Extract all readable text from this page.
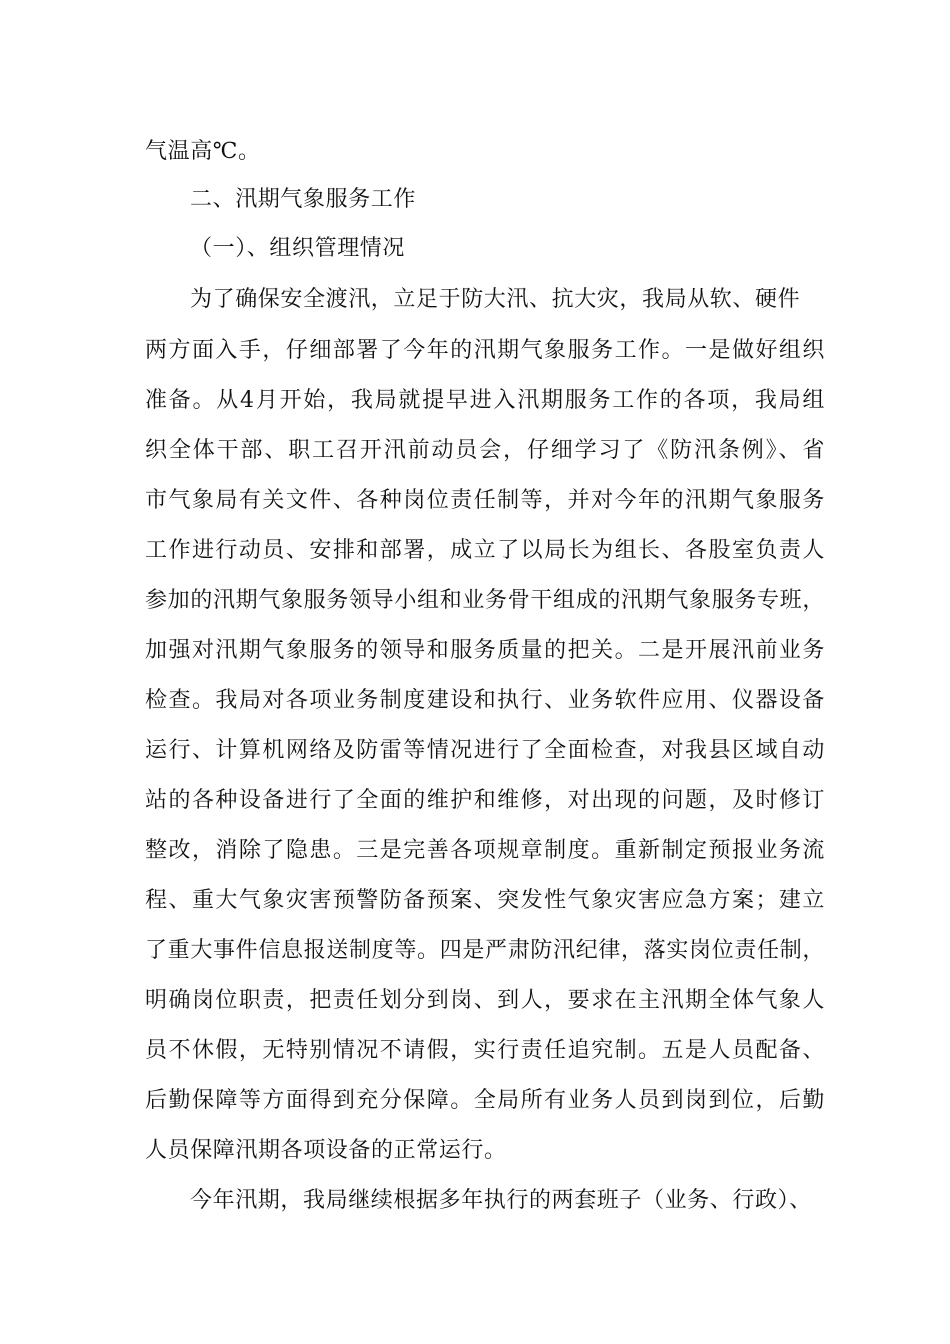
气温高℃。
二、汛期气象服务工作
（一）、组织管理情况
为了确保安全渡汛，立足于防大汛、抗大灾，我局从软、硬件
两方面入手，仔细部署了今年的汛期气象服务工作。一是做好组织
准备。从4月开始，我局就提早进入汛期服务工作的各项，我局组
织全体干部、职工召开汛前动员会，仔细学习了《防汛条例》、省
市气象局有关文件、各种岗位责任制等，并对今年的汛期气象服务
工作进行动员、安排和部署，成立了以局长为组长、各股室负责人
参加的汛期气象服务领导小组和业务骨干组成的汛期气象服务专班，
加强对汛期气象服务的领导和服务质量的把关。二是开展汛前业务
检查。我局对各项业务制度建设和执行、业务软件应用、仪器设备
运行、计算机网络及防雷等情况进行了全面检查，对我县区域自动
站的各种设备进行了全面的维护和维修，对出现的问题，及时修订
整改，消除了隐患。三是完善各项规章制度。重新制定预报业务流
程、重大气象灾害预警防备预案、突发性气象灾害应急方案；建立
了重大事件信息报送制度等。四是严肃防汛纪律，落实岗位责任制，
明确岗位职责，把责任划分到岗、到人，要求在主汛期全体气象人
员不休假，无特别情况不请假，实行责任追究制。五是人员配备、
后勤保障等方面得到充分保障。全局所有业务人员到岗到位，后勤
人员保障汛期各项设备的正常运行。
今年汛期，我局继续根据多年执行的两套班子（业务、行政）、
